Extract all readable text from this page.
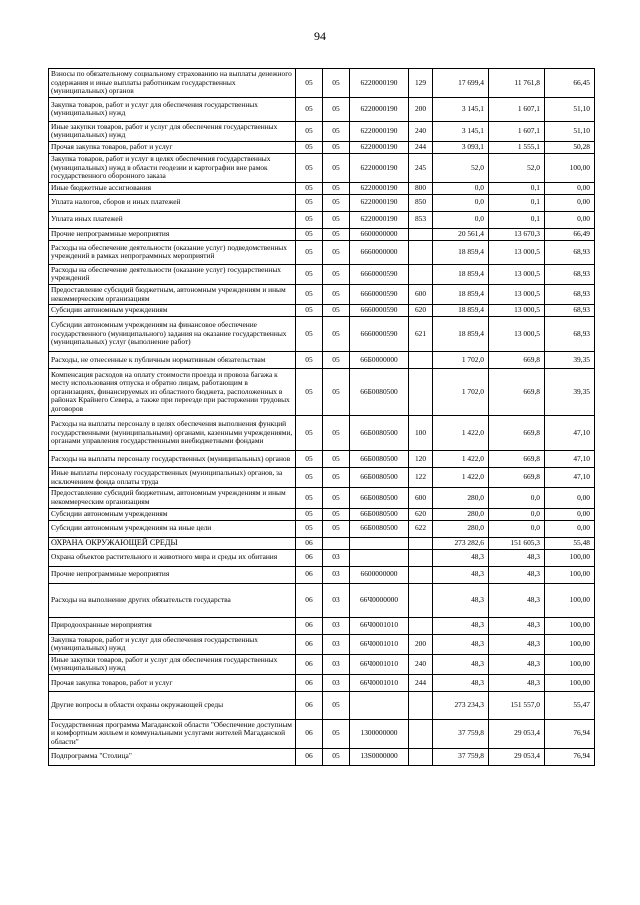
94
Взносы по обязательному социальному страхованию на выплаты денежного содержания и иные выплаты работникам государственных (муниципальных) органов	05	05	6220000190	129	17 699,4	11 761,8	66,45
Закупка товаров, работ и услуг для обеспечения государственных (муниципальных) нужд	05	05	6220000190	200	3 145,1	1 607,1	51,10
Иные закупки товаров, работ и услуг для обеспечения государственных (муниципальных) нужд	05	05	6220000190	240	3 145,1	1 607,1	51,10
Прочая закупка товаров, работ и услуг	05	05	6220000190	244	3 093,1	1 555,1	50,28
Закупка товаров, работ и услуг в целях обеспечения государственных (муниципальных) нужд в области геодезии и картографии вне рамок государственного оборонного заказа	05	05	6220000190	245	52,0	52,0	100,00
Иные бюджетные ассигнования	05	05	6220000190	800	0,0	0,1	0,00
Уплата налогов, сборов и иных платежей	05	05	6220000190	850	0,0	0,1	0,00
Уплата иных платежей	05	05	6220000190	853	0,0	0,1	0,00
Прочие непрограммные мероприятия	05	05	6600000000		20 561,4	13 670,3	66,49
Расходы на обеспечение деятельности (оказание услуг) подведомственных учреждений в рамках непрограммных мероприятий	05	05	6660000000		18 859,4	13 000,5	68,93
Расходы на обеспечение деятельности (оказание услуг) государственных учреждений	05	05	6660000590		18 859,4	13 000,5	68,93
Предоставление субсидий бюджетным, автономным учреждениям и иным некоммерческим организациям	05	05	6660000590	600	18 859,4	13 000,5	68,93
Субсидии автономным учреждениям	05	05	6660000590	620	18 859,4	13 000,5	68,93
Субсидии автономным учреждениям на финансовое обеспечение государственного (муниципального) задания на оказание государственных (муниципальных) услуг (выполнение работ)	05	05	6660000590	621	18 859,4	13 000,5	68,93
Расходы, не отнесенные к публичным нормативным обязательствам	05	05	66Б0000000		1 702,0	669,8	39,35
Компенсация расходов на оплату стоимости проезда и провоза багажа к месту использования отпуска и обратно лицам, работающим в организациях, финансируемых из областного бюджета, расположенных в районах Крайнего Севера, а также при переезде при расторжении трудовых договоров	05	05	66Б0080500		1 702,0	669,8	39,35
Расходы на выплаты персоналу в целях обеспечения выполнения функций государственными (муниципальными) органами, казенными учреждениями, органами управления государственными внебюджетными фондами	05	05	66Б0080500	100	1 422,0	669,8	47,10
Расходы на выплаты персоналу государственных (муниципальных) органов	05	05	66Б0080500	120	1 422,0	669,8	47,10
Иные выплаты персоналу государственных (муниципальных) органов, за исключением фонда оплаты труда	05	05	66Б0080500	122	1 422,0	669,8	47,10
Предоставление субсидий бюджетным, автономным учреждениям и иным некоммерческим организациям	05	05	66Б0080500	600	280,0	0,0	0,00
Субсидии автономным учреждениям	05	05	66Б0080500	620	280,0	0,0	0,00
Субсидии автономным учреждениям на иные цели	05	05	66Б0080500	622	280,0	0,0	0,00
ОХРАНА ОКРУЖАЮЩЕЙ СРЕДЫ	06				273 282,6	151 605,3	55,48
Охрана объектов растительного и животного мира и среды их обитания	06	03			48,3	48,3	100,00
Прочие непрограммные мероприятия	06	03	6600000000		48,3	48,3	100,00
Расходы на выполнение других обязательств государства	06	03	66Ч0000000		48,3	48,3	100,00
Природоохранные мероприятия	06	03	66Ч0001010		48,3	48,3	100,00
Закупка товаров, работ и услуг для обеспечения государственных (муниципальных) нужд	06	03	66Ч0001010	200	48,3	48,3	100,00
Иные закупки товаров, работ и услуг для обеспечения государственных (муниципальных) нужд	06	03	66Ч0001010	240	48,3	48,3	100,00
Прочая закупка товаров, работ и услуг	06	03	66Ч0001010	244	48,3	48,3	100,00
Другие вопросы в области охраны окружающей среды	06	05			273 234,3	151 557,0	55,47
Государственная программа Магаданской области "Обеспечение доступным и комфортным жильем и коммунальными услугами жителей Магаданской области"	06	05	1300000000		37 759,8	29 053,4	76,94
Подпрограмма "Столица"	06	05	13S0000000		37 759,8	29 053,4	76,94
